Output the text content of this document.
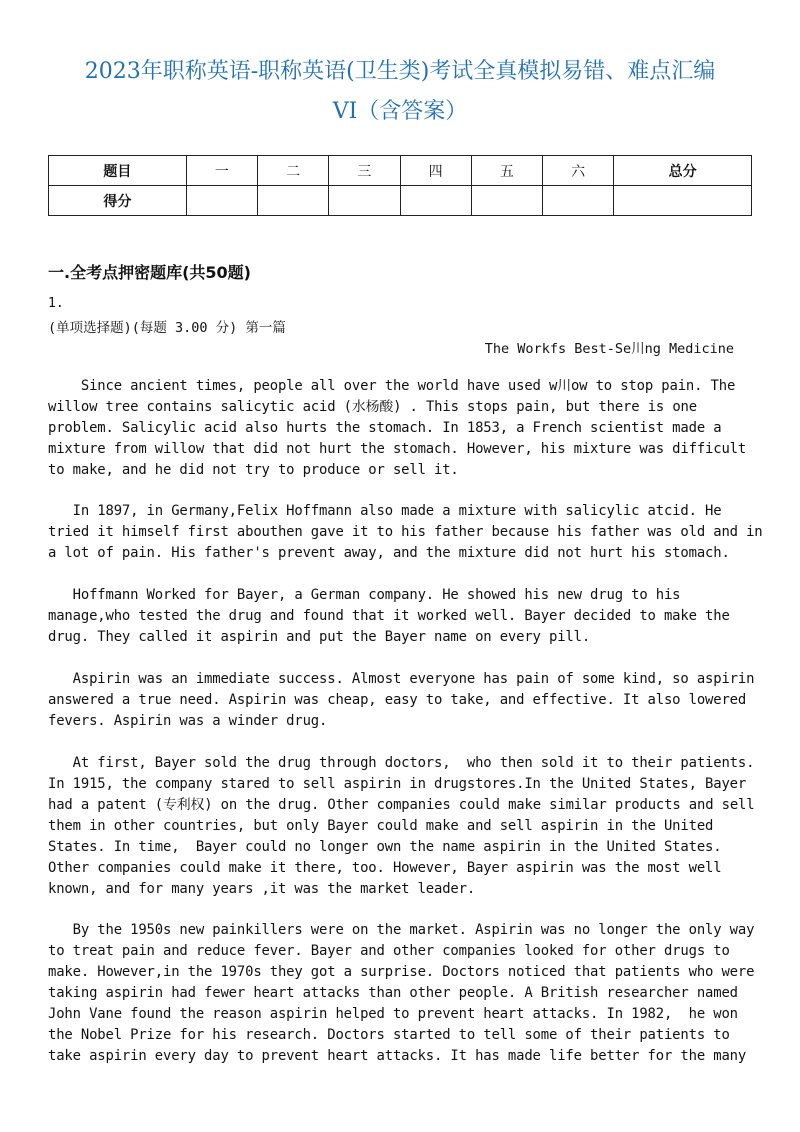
2023年职称英语-职称英语(卫生类)考试全真模拟易错、难点汇编
VI（含答案）
题目	一	二	三	四	五	六	总分
得分							
一.全考点押密题库(共50题)
1.
(单项选择题)(每题 3.00 分) 第一篇
The Workfs Best-Se川ng Medicine
Since ancient times, people all over the world have used w川ow to stop pain. The
willow tree contains salicytic acid (水杨酸) . This stops pain, but there is one
problem. Salicylic acid also hurts the stomach. In 1853, a French scientist made a
mixture from willow that did not hurt the stomach. However, his mixture was difficult
to make, and he did not try to produce or sell it.
In 1897, in Germany,Felix Hoffmann also made a mixture with salicylic atcid. He
tried it himself first abouthen gave it to his father because his father was old and in
a lot of pain. His father's prevent away, and the mixture did not hurt his stomach.
Hoffmann Worked for Bayer, a German company. He showed his new drug to his
manage,who tested the drug and found that it worked well. Bayer decided to make the
drug. They called it aspirin and put the Bayer name on every pill.
Aspirin was an immediate success. Almost everyone has pain of some kind, so aspirin
answered a true need. Aspirin was cheap, easy to take, and effective. It also lowered
fevers. Aspirin was a winder drug.
At first, Bayer sold the drug through doctors,  who then sold it to their patients.
In 1915, the company stared to sell aspirin in drugstores.In the United States, Bayer
had a patent (专利权) on the drug. Other companies could make similar products and sell
them in other countries, but only Bayer could make and sell aspirin in the United
States. In time,  Bayer could no longer own the name aspirin in the United States.
Other companies could make it there, too. However, Bayer aspirin was the most well
known, and for many years ,it was the market leader.
By the 1950s new painkillers were on the market. Aspirin was no longer the only way
to treat pain and reduce fever. Bayer and other companies looked for other drugs to
make. However,in the 1970s they got a surprise. Doctors noticed that patients who were
taking aspirin had fewer heart attacks than other people. A British researcher named
John Vane found the reason aspirin helped to prevent heart attacks. In 1982,  he won
the Nobel Prize for his research. Doctors started to tell some of their patients to
take aspirin every day to prevent heart attacks. It has made life better for the many
